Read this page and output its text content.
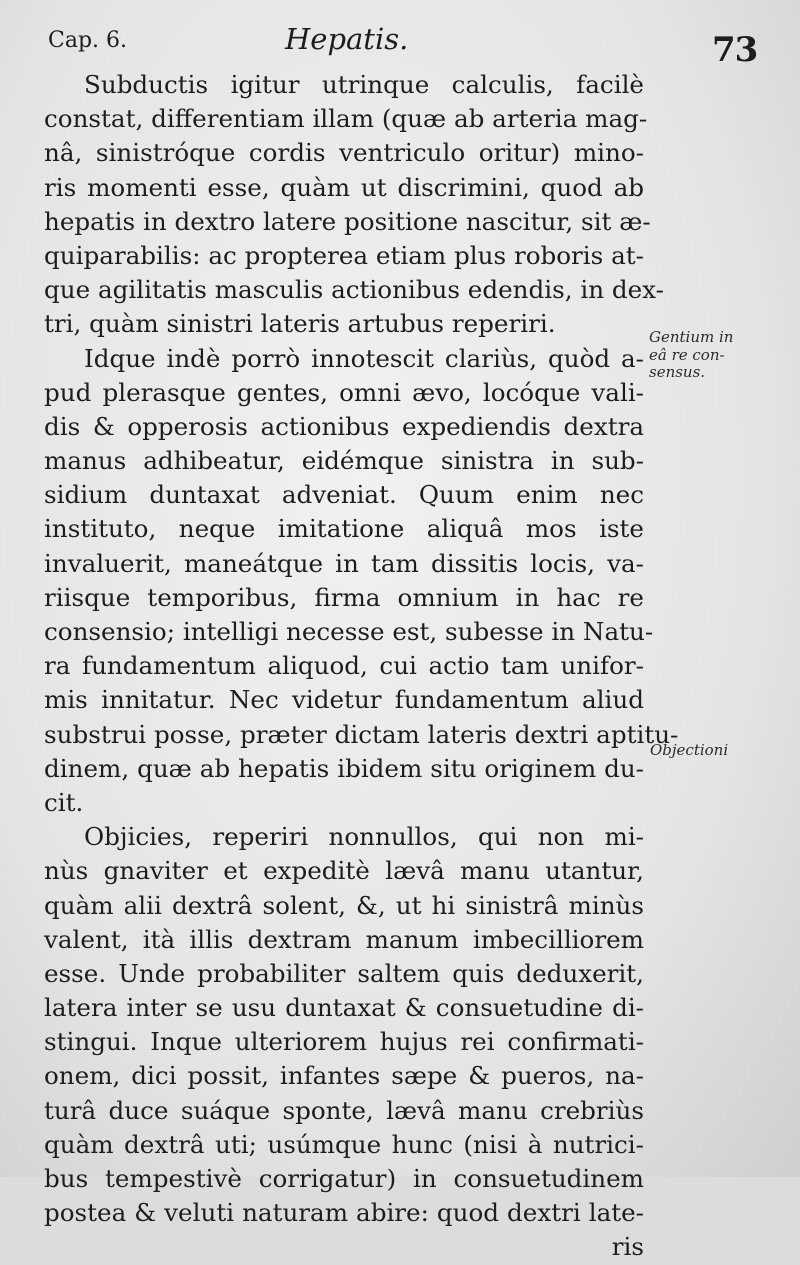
Cap. 6.	Hepatis.	73
Subductis igitur utrinque calculis, facilè
constat, differentiam illam (quæ ab arteria mag-
nâ, sinistróque cordis ventriculo oritur) mino-
ris momenti esse, quàm ut discrimini, quod ab
hepatis in dextro latere positione nascitur, sit æ-
quiparabilis: ac propterea etiam plus roboris at-
que agilitatis masculis actionibus edendis, in dex-
tri, quàm sinistri lateris artubus reperiri.
Idque indè porrò innotescit clariùs, quòd a-
pud plerasque gentes, omni ævo, locóque vali-
dis & opperosis actionibus expediendis dextra
manus adhibeatur, eidémque sinistra in sub-
sidium duntaxat adveniat. Quum enim nec
instituto, neque imitatione aliquâ mos iste
invaluerit, maneátque in tam dissitis locis, va-
riisque temporibus, firma omnium in hac re
consensio; intelligi necesse est, subesse in Natu-
ra fundamentum aliquod, cui actio tam unifor-
mis innitatur. Nec videtur fundamentum aliud
substrui posse, præter dictam lateris dextri aptitu-
dinem, quæ ab hepatis ibidem situ originem du-
cit.
Objicies, reperiri nonnullos, qui non mi-
nùs gnaviter et expeditè lævâ manu utantur,
quàm alii dextrâ solent, &, ut hi sinistrâ minùs
valent, ità illis dextram manum imbecilliorem
esse. Unde probabiliter saltem quis deduxerit,
latera inter se usu duntaxat & consuetudine di-
stingui. Inque ulteriorem hujus rei confirmati-
onem, dici possit, infantes sæpe & pueros, na-
turâ duce suáque sponte, lævâ manu crebriùs
quàm dextrâ uti; usúmque hunc (nisi à nutrici-
bus tempestivè corrigatur) in consuetudinem
postea & veluti naturam abire: quod dextri late-
ris
Gentium in
eâ re con-
sensus.
Objectioni
